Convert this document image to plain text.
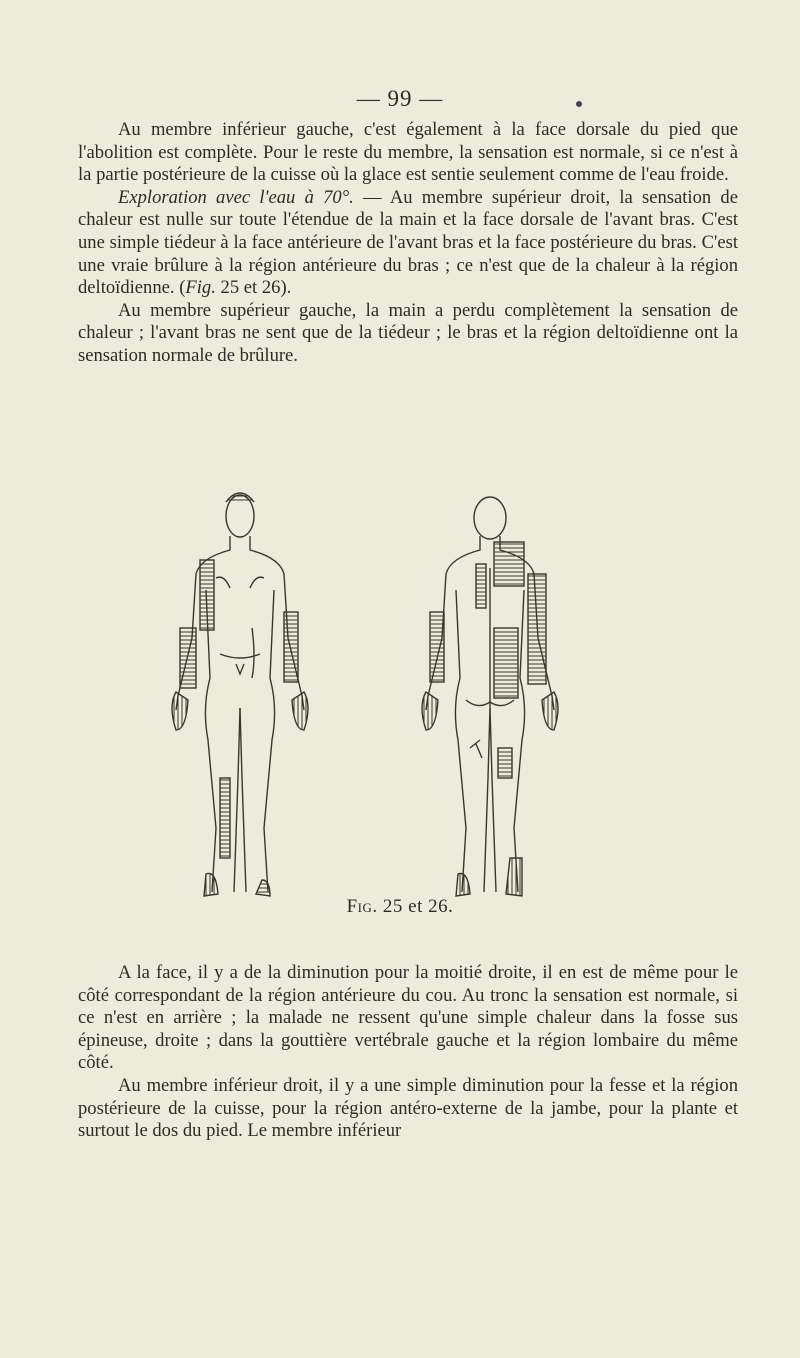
— 99 —

Au membre inférieur gauche, c'est également à la face dorsale du pied que l'abolition est complète. Pour le reste du membre, la sensation est normale, si ce n'est à la partie postérieure de la cuisse où la glace est sentie seulement comme de l'eau froide.

Exploration avec l'eau à 70°. — Au membre supérieur droit, la sensation de chaleur est nulle sur toute l'étendue de la main et la face dorsale de l'avant bras. C'est une simple tiédeur à la face antérieure de l'avant bras et la face postérieure du bras. C'est une vraie brûlure à la région antérieure du bras ; ce n'est que de la chaleur à la région deltoïdienne. (Fig. 25 et 26).

Au membre supérieur gauche, la main a perdu complètement la sensation de chaleur ; l'avant bras ne sent que de la tiédeur ; le bras et la région deltoïdienne ont la sensation normale de brûlure.

Fig. 25 et 26.

A la face, il y a de la diminution pour la moitié droite, il en est de même pour le côté correspondant de la région antérieure du cou. Au tronc la sensation est normale, si ce n'est en arrière ; la malade ne ressent qu'une simple chaleur dans la fosse sus épineuse, droite ; dans la gouttière vertébrale gauche et la région lombaire du même côté.

Au membre inférieur droit, il y a une simple diminution pour la fesse et la région postérieure de la cuisse, pour la région antéro-externe de la jambe, pour la plante et surtout le dos du pied. Le membre inférieur
